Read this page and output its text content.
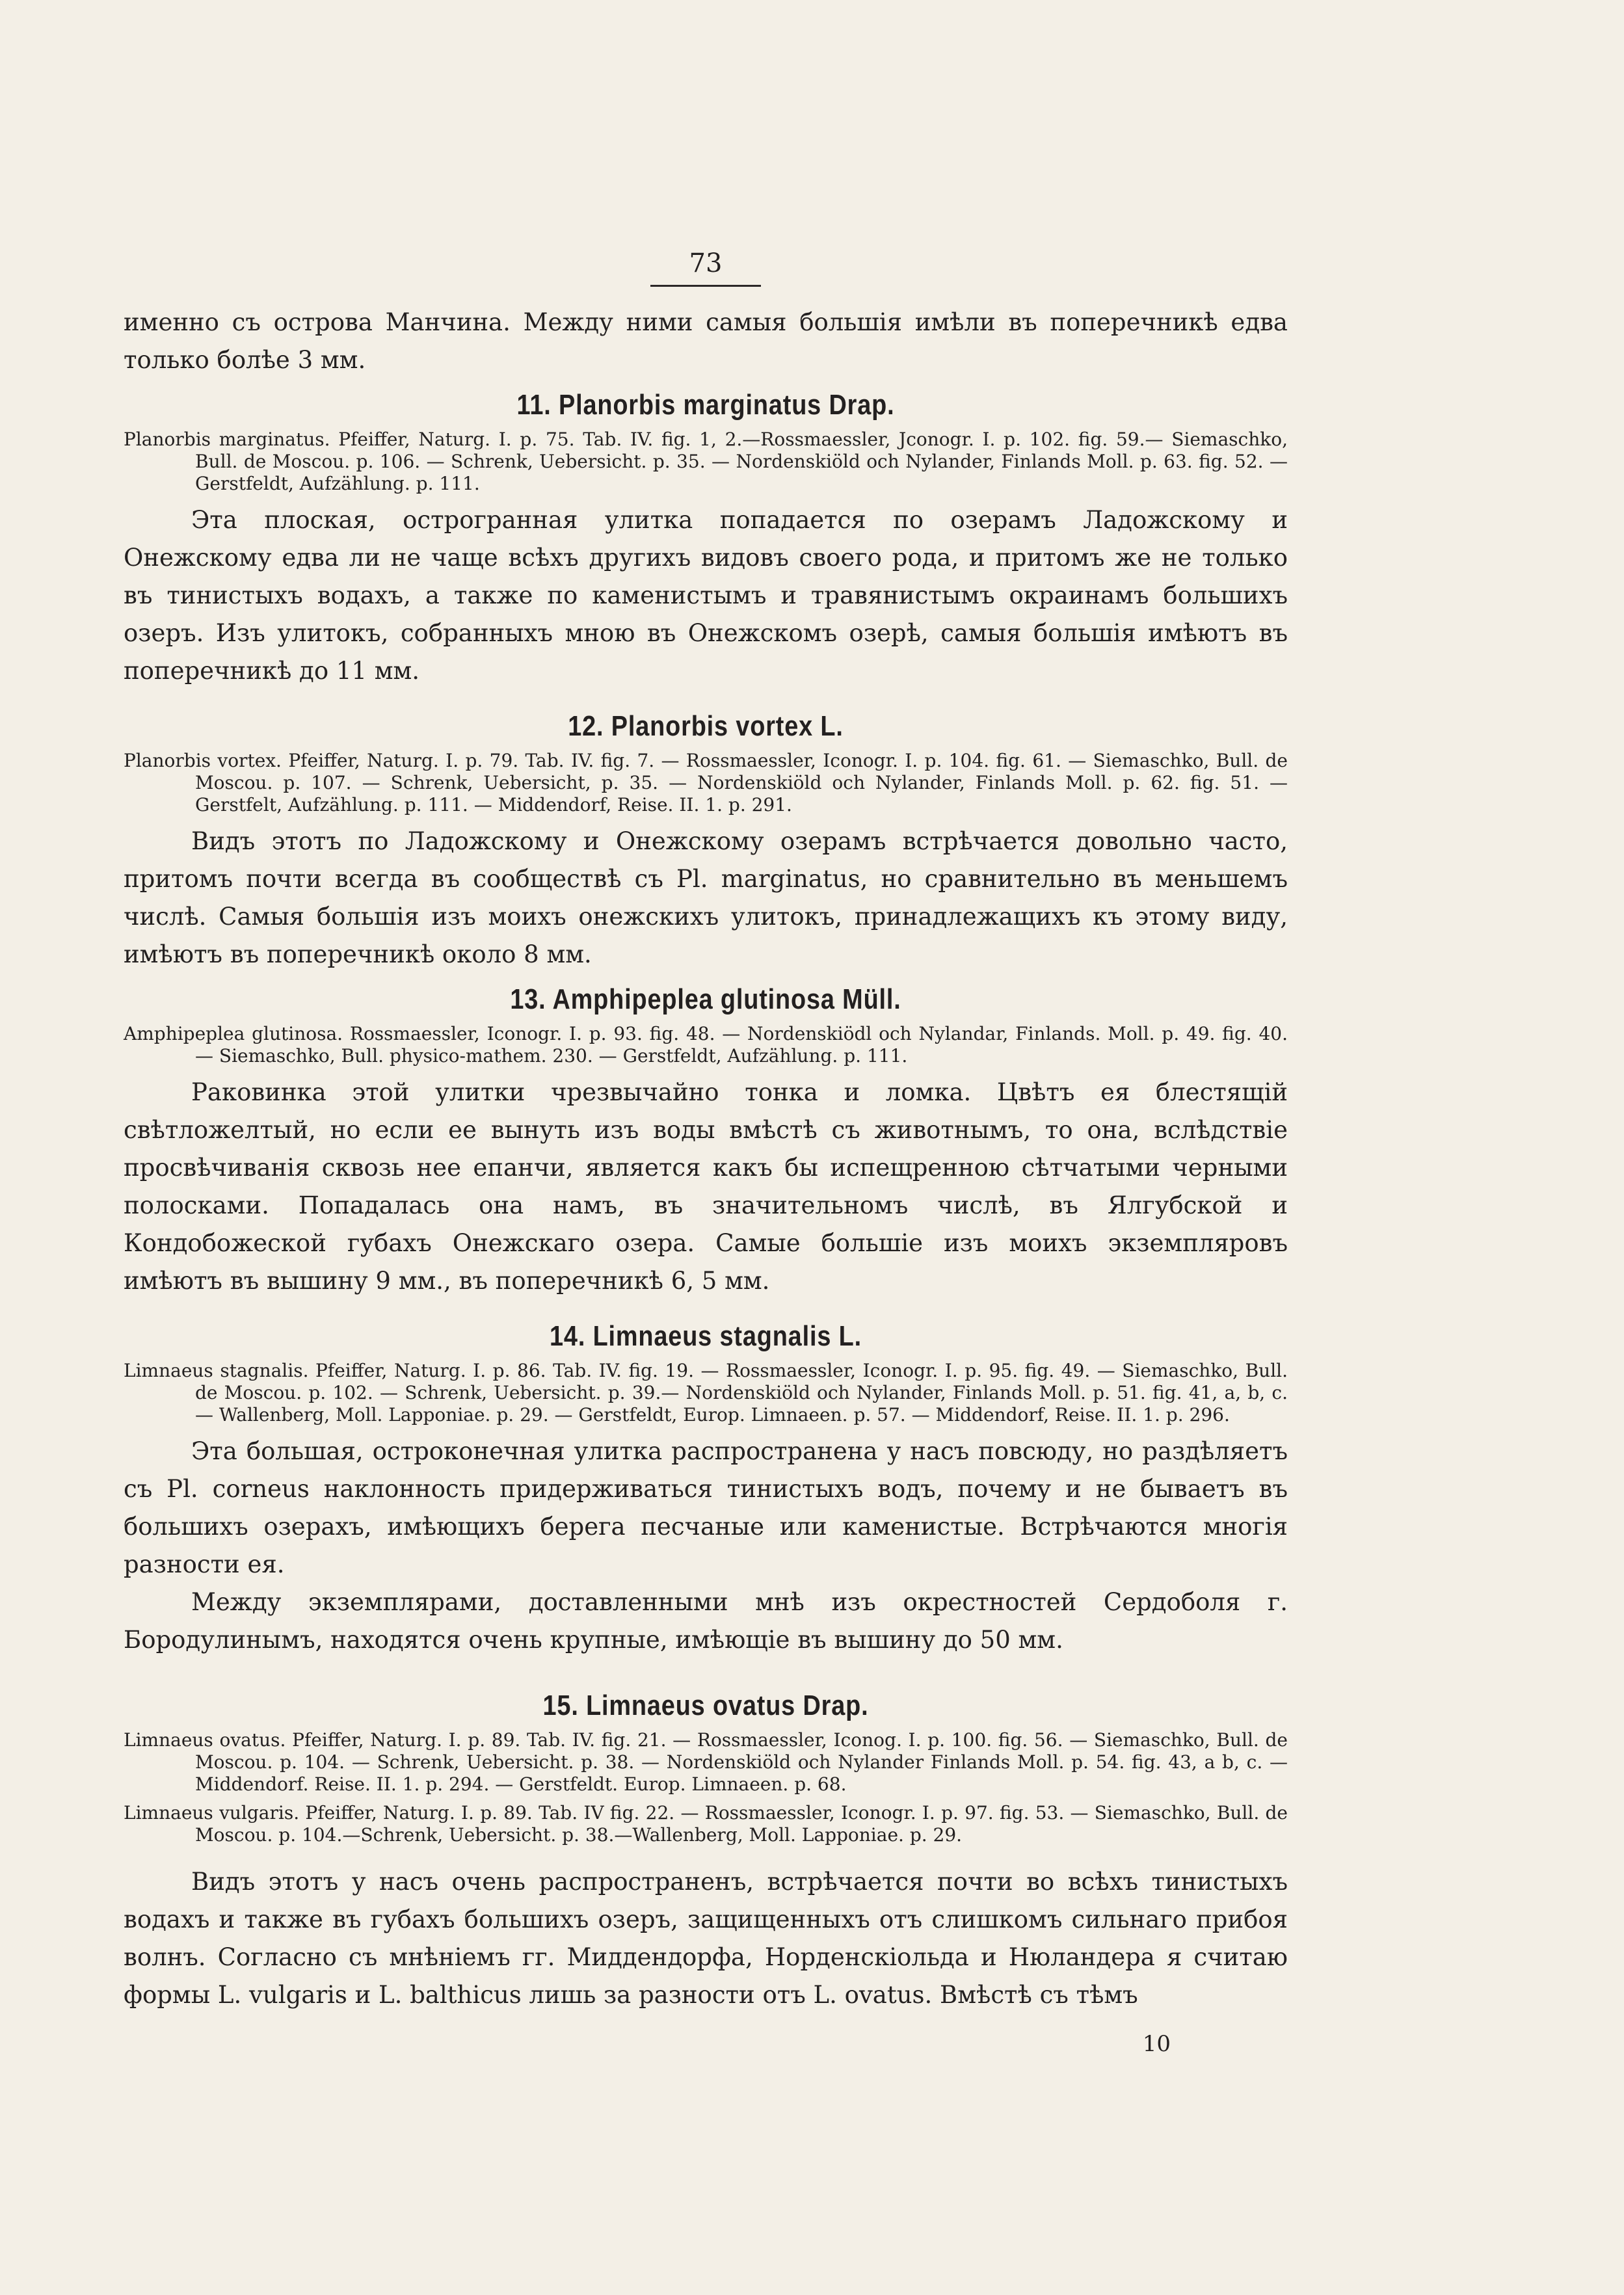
73

именно съ острова Манчина. Между ними самыя большія имѣли въ поперечникѣ едва только болѣе 3 мм.

11. Planorbis marginatus Drap.

Planorbis marginatus. Pfeiffer, Naturg. I. p. 75. Tab. IV. fig. 1, 2.—Rossmaessler, Jconogr. I. p. 102. fig. 59.— Siemaschko, Bull. de Moscou. p. 106. — Schrenk, Uebersicht. p. 35. — Nordenskiöld och Nylander, Finlands Moll. p. 63. fig. 52. — Gerstfeldt, Aufzählung. p. 111.

Эта плоская, острогранная улитка попадается по озерамъ Ладожскому и Онежскому едва ли не чаще всѣхъ другихъ видовъ своего рода, и притомъ же не только въ тинистыхъ водахъ, а также по каменистымъ и травянистымъ окраинамъ большихъ озеръ. Изъ улитокъ, собранныхъ мною въ Онежскомъ озерѣ, самыя большія имѣютъ въ поперечникѣ до 11 мм.

12. Planorbis vortex L.

Planorbis vortex. Pfeiffer, Naturg. I. p. 79. Tab. IV. fig. 7. — Rossmaessler, Iconogr. I. p. 104. fig. 61. — Siemaschko, Bull. de Moscou. p. 107. — Schrenk, Uebersicht, p. 35. — Nordenskiöld och Nylander, Finlands Moll. p. 62. fig. 51. — Gerstfelt, Aufzählung. p. 111. — Middendorf, Reise. II. 1. p. 291.

Видъ этотъ по Ладожскому и Онежскому озерамъ встрѣчается довольно часто, притомъ почти всегда въ сообществѣ съ Pl. marginatus, но сравнительно въ меньшемъ числѣ. Самыя большія изъ моихъ онежскихъ улитокъ, принадлежащихъ къ этому виду, имѣютъ въ поперечникѣ около 8 мм.

13. Amphipeplea glutinosa Müll.

Amphipeplea glutinosa. Rossmaessler, Iconogr. I. p. 93. fig. 48. — Nordenskiödl och Nylandar, Finlands. Moll. p. 49. fig. 40. — Siemaschko, Bull. physico-mathem. 230. — Gerstfeldt, Aufzählung. p. 111.

Раковинка этой улитки чрезвычайно тонка и ломка. Цвѣтъ ея блестящій свѣтложелтый, но если ее вынуть изъ воды вмѣстѣ съ животнымъ, то она, вслѣдствіе просвѣчиванія сквозь нее епанчи, является какъ бы испещренною сѣтчатыми черными полосками. Попадалась она намъ, въ значительномъ числѣ, въ Ялгубской и Кондобожеской губахъ Онежскаго озера. Самые большіе изъ моихъ экземпляровъ имѣютъ въ вышину 9 мм., въ поперечникѣ 6, 5 мм.

14. Limnaeus stagnalis L.

Limnaeus stagnalis. Pfeiffer, Naturg. I. p. 86. Tab. IV. fig. 19. — Rossmaessler, Iconogr. I. p. 95. fig. 49. — Siemaschko, Bull. de Moscou. p. 102. — Schrenk, Uebersicht. p. 39.— Nordenskiöld och Nylander, Finlands Moll. p. 51. fig. 41, a, b, c. — Wallenberg, Moll. Lapponiae. p. 29. — Gerstfeldt, Europ. Limnaeen. p. 57. — Middendorf, Reise. II. 1. p. 296.

Эта большая, остроконечная улитка распространена у насъ повсюду, но раздѣляетъ съ Pl. corneus наклонность придерживаться тинистыхъ водъ, почему и не бываетъ въ большихъ озерахъ, имѣющихъ берега песчаные или каменистые. Встрѣчаются многія разности ея.

Между экземплярами, доставленными мнѣ изъ окрестностей Сердоболя г. Бородулинымъ, находятся очень крупные, имѣющіе въ вышину до 50 мм.

15. Limnaeus ovatus Drap.

Limnaeus ovatus. Pfeiffer, Naturg. I. p. 89. Tab. IV. fig. 21. — Rossmaessler, Iconog. I. p. 100. fig. 56. — Siemaschko, Bull. de Moscou. p. 104. — Schrenk, Uebersicht. p. 38. — Nordenskiöld och Nylander Finlands Moll. p. 54. fig. 43, a b, c. — Middendorf. Reise. II. 1. p. 294. — Gerstfeldt. Europ. Limnaeen. p. 68.

Limnaeus vulgaris. Pfeiffer, Naturg. I. p. 89. Tab. IV fig. 22. — Rossmaessler, Iconogr. I. p. 97. fig. 53. — Siemaschko, Bull. de Moscou. p. 104.—Schrenk, Uebersicht. p. 38.—Wallenberg, Moll. Lapponiae. p. 29.

Видъ этотъ у насъ очень распространенъ, встрѣчается почти во всѣхъ тинистыхъ водахъ и также въ губахъ большихъ озеръ, защищенныхъ отъ слишкомъ сильнаго прибоя волнъ. Согласно съ мнѣніемъ гг. Миддендорфа, Норденскіольда и Нюландера я считаю формы L. vulgaris и L. balthicus лишь за разности отъ L. ovatus. Вмѣстѣ съ тѣмъ

10
